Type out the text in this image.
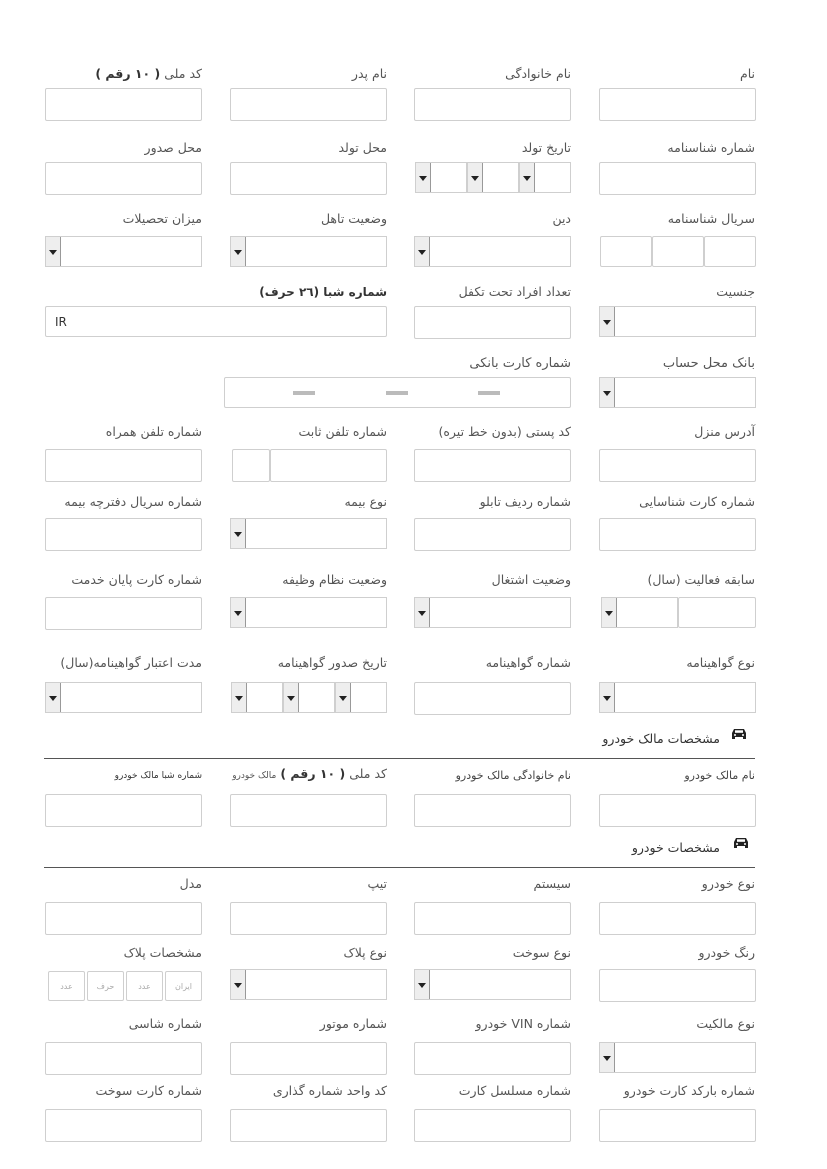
نام
نام خانوادگی
نام پدر
کد ملی ( ۱۰ رقم )
شماره شناسنامه
تاریخ تولد
محل تولد
محل صدور
سریال شناسنامه
دین
وضعیت تاهل
میزان تحصیلات
جنسیت
تعداد افراد تحت تکفل
شماره شبا (۲٦ حرف)
IR
بانک محل حساب
شماره کارت بانکی
آدرس منزل
کد پستی (بدون خط تیره)
شماره تلفن ثابت
شماره تلفن همراه
شماره کارت شناسایی
شماره ردیف تابلو
نوع بیمه
شماره سریال دفترچه بیمه
سابقه فعالیت (سال)
وضعیت اشتغال
وضعیت نظام وظیفه
شماره کارت پایان خدمت
نوع گواهینامه
شماره گواهینامه
تاریخ صدور گواهینامه
مدت اعتبار گواهینامه(سال)
مشخصات مالک خودرو
نام مالک خودرو
نام خانوادگی مالک خودرو
کد ملی ( ۱۰ رقم ) مالک خودرو
شماره شبا مالک خودرو
مشخصات خودرو
نوع خودرو
سیستم
تیپ
مدل
رنگ خودرو
نوع سوخت
نوع پلاک
مشخصات پلاک
ایران
عدد
حرف
عدد
نوع مالکیت
شماره VIN خودرو
شماره موتور
شماره شاسی
شماره بارکد کارت خودرو
شماره مسلسل کارت
کد واحد شماره گذاری
شماره کارت سوخت
